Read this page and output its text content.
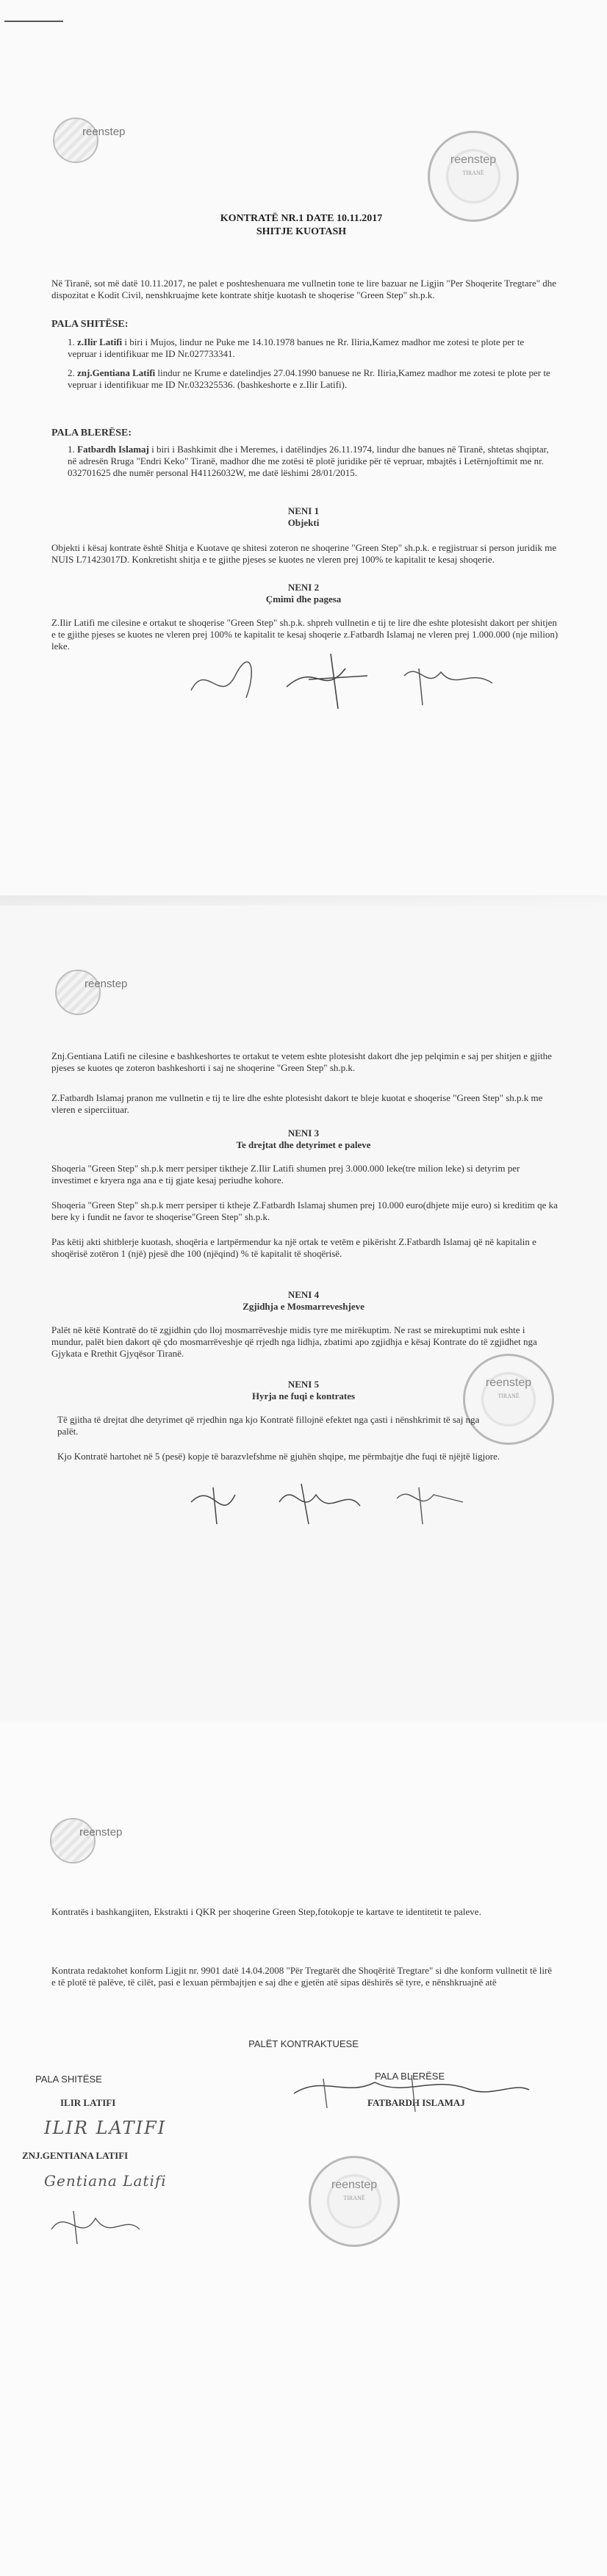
reenstep
reenstep
TIRANË
KONTRATË NR.1 DATE 10.11.2017
SHITJE KUOTASH
Në Tiranë, sot më datë 10.11.2017, ne palet e poshteshenuara me vullnetin tone te lire bazuar ne Ligjin "Per Shoqerite Tregtare" dhe dispozitat e Kodit Civil, nenshkruajme kete kontrate shitje kuotash te shoqerise "Green Step" sh.p.k.
PALA SHITËSE:
1. z.Ilir Latifi i biri i Mujos, lindur ne Puke me 14.10.1978 banues ne Rr. Iliria,Kamez madhor me zotesi te plote per te vepruar i identifikuar me ID Nr.027733341.
2. znj.Gentiana Latifi lindur ne Krume e datelindjes 27.04.1990 banuese ne Rr. Iliria,Kamez madhor me zotesi te plote per te vepruar i identifikuar me ID Nr.032325536. (bashkeshorte e z.Ilir Latifi).
PALA BLERËSE:
1. Fatbardh Islamaj i biri i Bashkimit dhe i Meremes, i datëlindjes 26.11.1974, lindur dhe banues në Tiranë, shtetas shqiptar, në adresën Rruga "Endri Keko" Tiranë, madhor dhe me zotësi të plotë juridike për të vepruar, mbajtës i Letërnjoftimit me nr. 032701625 dhe numër personal H41126032W, me datë lëshimi 28/01/2015.
NENI 1
Objekti
Objekti i kësaj kontrate është Shitja e Kuotave qe shitesi zoteron ne shoqerine "Green Step" sh.p.k. e regjistruar si person juridik me NUIS L71423017D. Konkretisht shitja e te gjithe pjeses se kuotes ne vleren prej 100% te kapitalit te kesaj shoqerie.
NENI 2
Çmimi dhe pagesa
Z.Ilir Latifi me cilesine e ortakut te shoqerise "Green Step" sh.p.k. shpreh vullnetin e tij te lire dhe eshte plotesisht dakort per shitjen e te gjithe pjeses se kuotes ne vleren prej 100% te kapitalit te kesaj shoqerie z.Fatbardh Islamaj ne vleren prej 1.000.000 (nje milion) leke.
reenstep
Znj.Gentiana Latifi ne cilesine e bashkeshortes te ortakut te vetem eshte plotesisht dakort dhe jep pelqimin e saj per shitjen e gjithe pjeses se kuotes qe zoteron bashkeshorti i saj ne shoqerine "Green Step" sh.p.k.
Z.Fatbardh Islamaj pranon me vullnetin e tij te lire dhe eshte plotesisht dakort te bleje kuotat e shoqerise "Green Step" sh.p.k me vleren e siperciituar.
NENI 3
Te drejtat dhe detyrimet e paleve
Shoqeria "Green Step" sh.p.k merr persiper tiktheje Z.Ilir Latifi shumen prej 3.000.000 leke(tre milion leke) si detyrim per investimet e kryera nga ana e tij gjate kesaj periudhe kohore.
Shoqeria "Green Step" sh.p.k merr persiper ti ktheje Z.Fatbardh Islamaj shumen prej 10.000 euro(dhjete mije euro) si kreditim qe ka bere ky i fundit ne favor te shoqerise"Green Step" sh.p.k.
Pas këtij akti shitblerje kuotash, shoqëria e lartpërmendur ka një ortak te vetëm e pikërisht Z.Fatbardh Islamaj që në kapitalin e shoqërisë zotëron 1 (një) pjesë dhe 100 (njëqind) % të kapitalit të shoqërisë.
NENI 4
Zgjidhja e Mosmarreveshjeve
Palët në këtë Kontratë do të zgjidhin çdo lloj mosmarrëveshje midis tyre me mirëkuptim. Ne rast se mirekuptimi nuk eshte i mundur, palët bien dakort që çdo mosmarrëveshje që rrjedh nga lidhja, zbatimi apo zgjidhja e kësaj Kontrate do të zgjidhet nga Gjykata e Rrethit Gjyqësor Tiranë.
reenstep
TIRANË
NENI 5
Hyrja ne fuqi e kontrates
Të gjitha të drejtat dhe detyrimet që rrjedhin nga kjo Kontratë fillojnë efektet nga çasti i nënshkrimit të saj nga palët.
Kjo Kontratë hartohet në 5 (pesë) kopje të barazvlefshme në gjuhën shqipe, me përmbajtje dhe fuqi të njëjtë ligjore.
reenstep
Kontratës i bashkangjiten, Ekstrakti i QKR per shoqerine Green Step,fotokopje te kartave te identitetit te paleve.
Kontrata redaktohet konform Ligjit nr. 9901 datë 14.04.2008 "Për Tregtarët dhe Shoqëritë Tregtare" si dhe konform vullnetit të lirë e të plotë të palëve, të cilët, pasi e lexuan përmbajtjen e saj dhe e gjetën atë sipas dëshirës së tyre, e nënshkruajnë atë
PALËT KONTRAKTUESE
PALA SHITËSE	PALA BLERËSE
ILIR LATIFI	FATBARDH ISLAMAJ
ILIR LATIFI
ZNJ.GENTIANA LATIFI
Gentiana Latifi	reenstep
TIRANË
